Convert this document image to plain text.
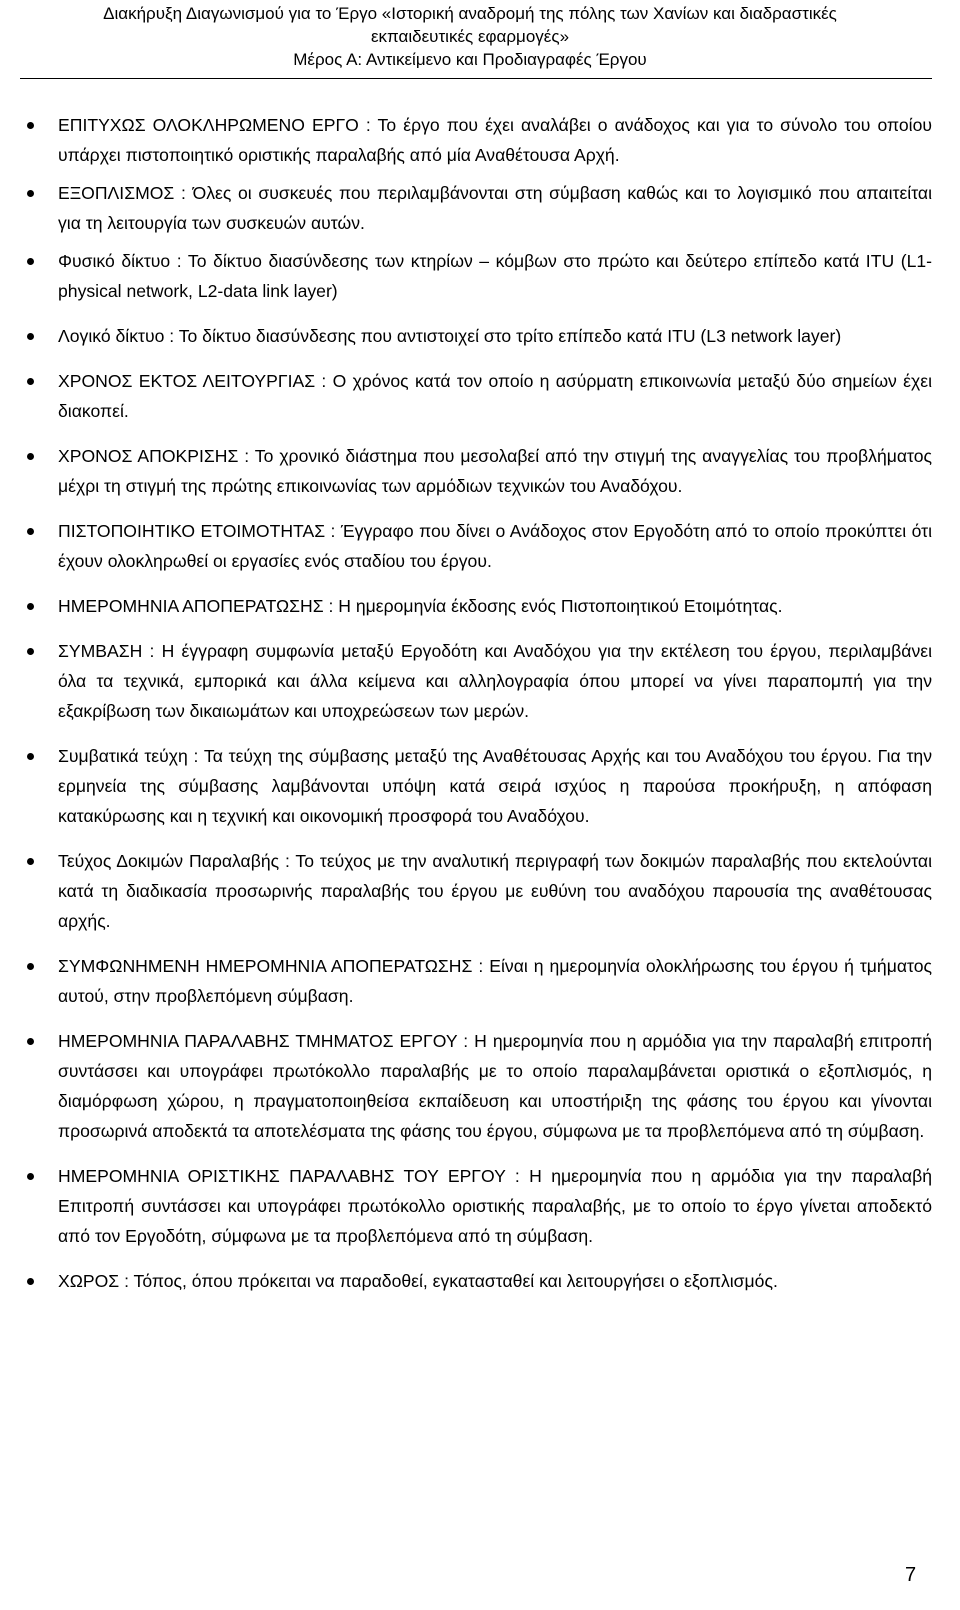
Διακήρυξη Διαγωνισμού για το Έργο «Ιστορική αναδρομή της πόλης των Χανίων και διαδραστικές
εκπαιδευτικές εφαρμογές»
Μέρος Α: Αντικείμενο και Προδιαγραφές Έργου
ΕΠΙΤΥΧΩΣ ΟΛΟΚΛΗΡΩΜΕΝΟ ΕΡΓΟ : Το έργο που έχει αναλάβει ο ανάδοχος και για το σύνολο του οποίου υπάρχει πιστοποιητικό οριστικής παραλαβής από μία Αναθέτουσα Αρχή.
ΕΞΟΠΛΙΣΜΟΣ : Όλες οι συσκευές που περιλαμβάνονται στη σύμβαση καθώς και το λογισμικό που απαιτείται για τη λειτουργία των συσκευών αυτών.
Φυσικό δίκτυο : Το δίκτυο διασύνδεσης των κτηρίων – κόμβων στο πρώτο και δεύτερο επίπεδο κατά ITU (L1-physical network, L2-data link layer)
Λογικό δίκτυο : Το δίκτυο διασύνδεσης που αντιστοιχεί στο τρίτο επίπεδο κατά ITU (L3 network layer)
ΧΡΟΝΟΣ ΕΚΤΟΣ ΛΕΙΤΟΥΡΓΙΑΣ : Ο χρόνος κατά τον οποίο η ασύρματη επικοινωνία μεταξύ δύο σημείων έχει διακοπεί.
ΧΡΟΝΟΣ ΑΠΟΚΡΙΣΗΣ : Το χρονικό διάστημα που μεσολαβεί από την στιγμή της αναγγελίας του προβλήματος μέχρι τη στιγμή της πρώτης επικοινωνίας των αρμόδιων τεχνικών του Αναδόχου.
ΠΙΣΤΟΠΟΙΗΤΙΚΟ ΕΤΟΙΜΟΤΗΤΑΣ : Έγγραφο που δίνει ο Ανάδοχος στον Εργοδότη από το οποίο προκύπτει ότι έχουν ολοκληρωθεί οι εργασίες ενός σταδίου του έργου.
ΗΜΕΡΟΜΗΝΙΑ ΑΠΟΠΕΡΑΤΩΣΗΣ : Η ημερομηνία έκδοσης ενός Πιστοποιητικού Ετοιμότητας.
ΣΥΜΒΑΣΗ : Η έγγραφη συμφωνία μεταξύ Εργοδότη και Αναδόχου για την εκτέλεση του έργου, περιλαμβάνει όλα τα τεχνικά, εμπορικά και άλλα κείμενα και αλληλογραφία όπου μπορεί να γίνει παραπομπή για την εξακρίβωση των δικαιωμάτων και υποχρεώσεων των μερών.
Συμβατικά τεύχη : Τα τεύχη της σύμβασης μεταξύ της Αναθέτουσας Αρχής και του Αναδόχου του έργου. Για την ερμηνεία της σύμβασης λαμβάνονται υπόψη κατά σειρά ισχύος η παρούσα προκήρυξη, η απόφαση κατακύρωσης και η τεχνική και οικονομική προσφορά του Αναδόχου.
Τεύχος Δοκιμών Παραλαβής : Το τεύχος με την αναλυτική περιγραφή των δοκιμών παραλαβής που εκτελούνται κατά τη διαδικασία προσωρινής παραλαβής του έργου με ευθύνη του αναδόχου παρουσία της αναθέτουσας αρχής.
ΣΥΜΦΩΝΗΜΕΝΗ ΗΜΕΡΟΜΗΝΙΑ ΑΠΟΠΕΡΑΤΩΣΗΣ : Είναι η ημερομηνία ολοκλήρωσης του έργου ή τμήματος αυτού, στην προβλεπόμενη σύμβαση.
ΗΜΕΡΟΜΗΝΙΑ ΠΑΡΑΛΑΒΗΣ ΤΜΗΜΑΤΟΣ ΕΡΓΟΥ : Η ημερομηνία που η αρμόδια για την παραλαβή επιτροπή συντάσσει και υπογράφει πρωτόκολλο παραλαβής με το οποίο παραλαμβάνεται οριστικά ο εξοπλισμός, η διαμόρφωση χώρου, η πραγματοποιηθείσα εκπαίδευση και υποστήριξη της φάσης του έργου και γίνονται προσωρινά αποδεκτά τα αποτελέσματα της φάσης του έργου, σύμφωνα με τα προβλεπόμενα από τη σύμβαση.
ΗΜΕΡΟΜΗΝΙΑ ΟΡΙΣΤΙΚΗΣ ΠΑΡΑΛΑΒΗΣ ΤΟΥ ΕΡΓΟΥ : Η ημερομηνία που η αρμόδια για την παραλαβή Επιτροπή συντάσσει και υπογράφει πρωτόκολλο οριστικής παραλαβής, με το οποίο το έργο γίνεται αποδεκτό από τον Εργοδότη, σύμφωνα με τα προβλεπόμενα από τη σύμβαση.
ΧΩΡΟΣ : Τόπος, όπου πρόκειται να παραδοθεί, εγκατασταθεί και λειτουργήσει ο εξοπλισμός.
7
